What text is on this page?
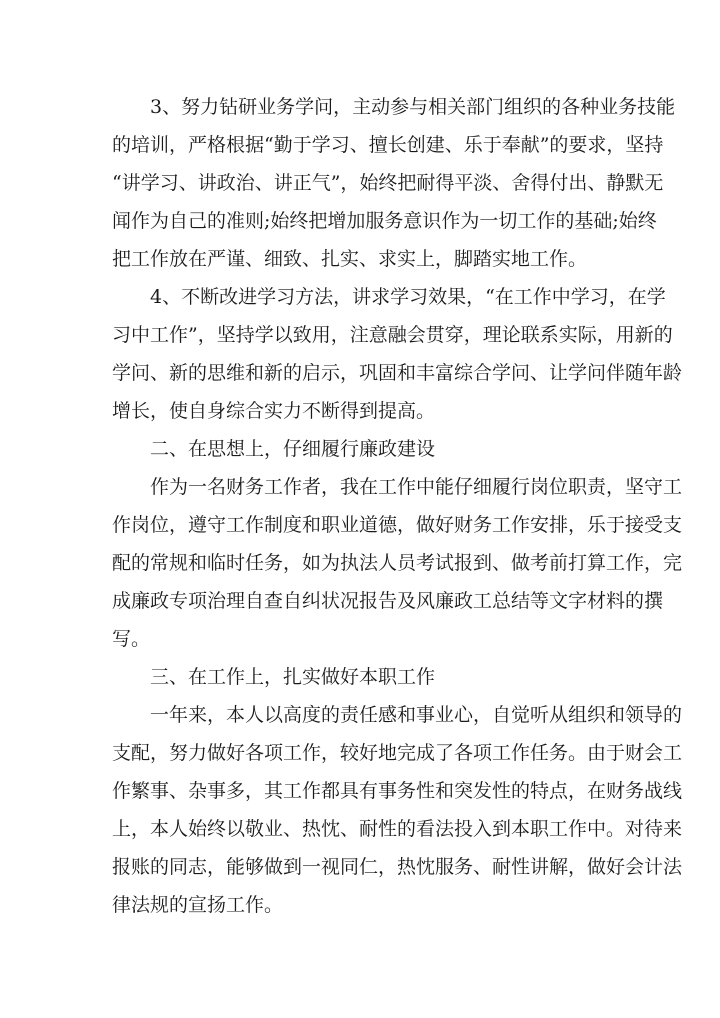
3、努力钻研业务学问，主动参与相关部门组织的各种业务技能
的培训，严格根据“勤于学习、擅长创建、乐于奉献”的要求，坚持
“讲学习、讲政治、讲正气”，始终把耐得平淡、舍得付出、静默无
闻作为自己的准则;始终把增加服务意识作为一切工作的基础;始终
把工作放在严谨、细致、扎实、求实上，脚踏实地工作。
4、不断改进学习方法，讲求学习效果，“在工作中学习，在学
习中工作”，坚持学以致用，注意融会贯穿，理论联系实际，用新的
学问、新的思维和新的启示，巩固和丰富综合学问、让学问伴随年龄
增长，使自身综合实力不断得到提高。
二、在思想上，仔细履行廉政建设
作为一名财务工作者，我在工作中能仔细履行岗位职责，坚守工
作岗位，遵守工作制度和职业道德，做好财务工作安排，乐于接受支
配的常规和临时任务，如为执法人员考试报到、做考前打算工作，完
成廉政专项治理自查自纠状况报告及风廉政工总结等文字材料的撰
写。
三、在工作上，扎实做好本职工作
一年来，本人以高度的责任感和事业心，自觉听从组织和领导的
支配，努力做好各项工作，较好地完成了各项工作任务。由于财会工
作繁事、杂事多，其工作都具有事务性和突发性的特点，在财务战线
上，本人始终以敬业、热忱、耐性的看法投入到本职工作中。对待来
报账的同志，能够做到一视同仁，热忱服务、耐性讲解，做好会计法
律法规的宣扬工作。
